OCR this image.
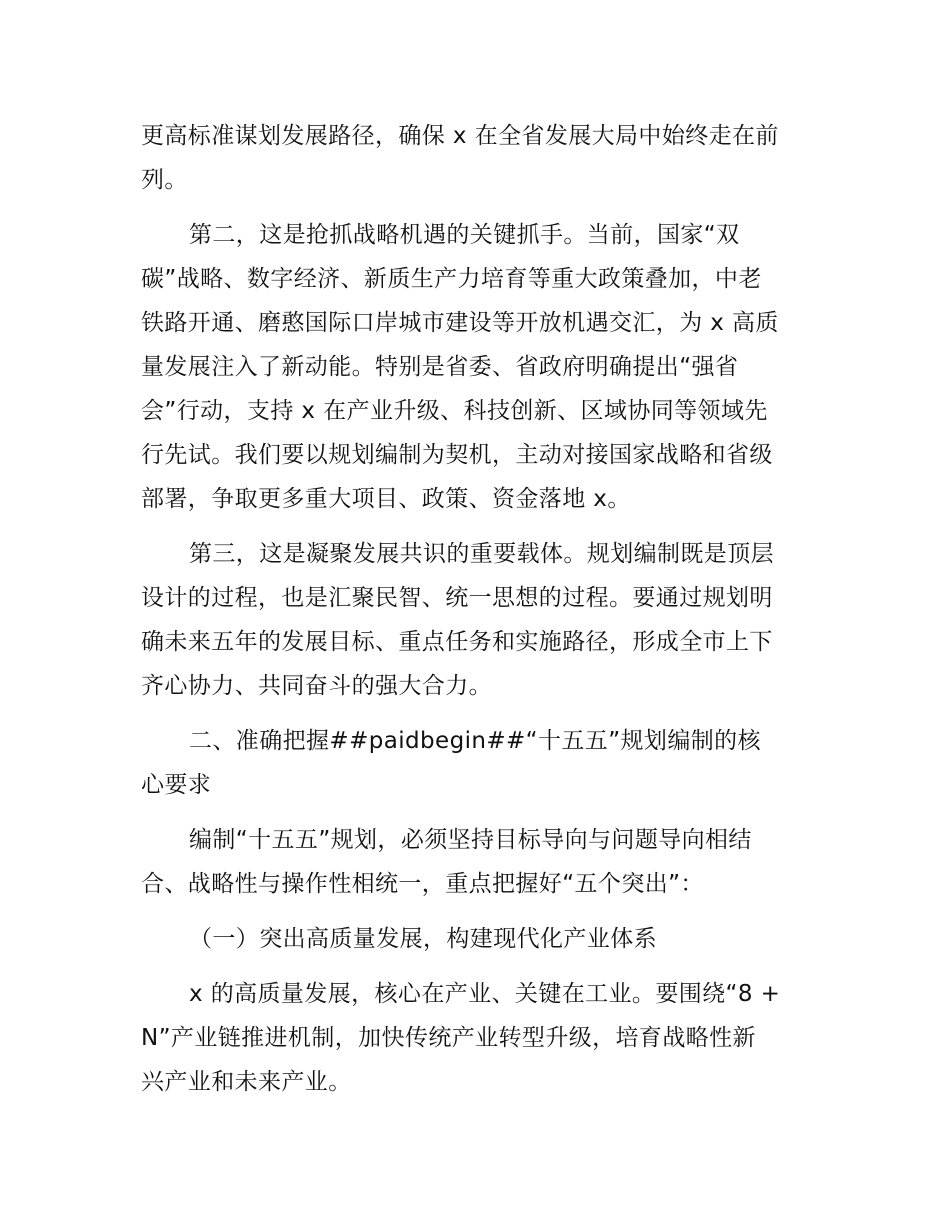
更高标准谋划发展路径，确保 x 在全省发展大局中始终走在前
列。
第二，这是抢抓战略机遇的关键抓手。当前，国家“双
碳”战略、数字经济、新质生产力培育等重大政策叠加，中老
铁路开通、磨憨国际口岸城市建设等开放机遇交汇，为 x 高质
量发展注入了新动能。特别是省委、省政府明确提出“强省
会”行动，支持 x 在产业升级、科技创新、区域协同等领域先
行先试。我们要以规划编制为契机，主动对接国家战略和省级
部署，争取更多重大项目、政策、资金落地 x。
第三，这是凝聚发展共识的重要载体。规划编制既是顶层
设计的过程，也是汇聚民智、统一思想的过程。要通过规划明
确未来五年的发展目标、重点任务和实施路径，形成全市上下
齐心协力、共同奋斗的强大合力。
二、准确把握##paidbegin##“十五五”规划编制的核
心要求
编制“十五五”规划，必须坚持目标导向与问题导向相结
合、战略性与操作性相统一，重点把握好“五个突出”：
（一）突出高质量发展，构建现代化产业体系
x 的高质量发展，核心在产业、关键在工业。要围绕“8 +
N”产业链推进机制，加快传统产业转型升级，培育战略性新
兴产业和未来产业。
